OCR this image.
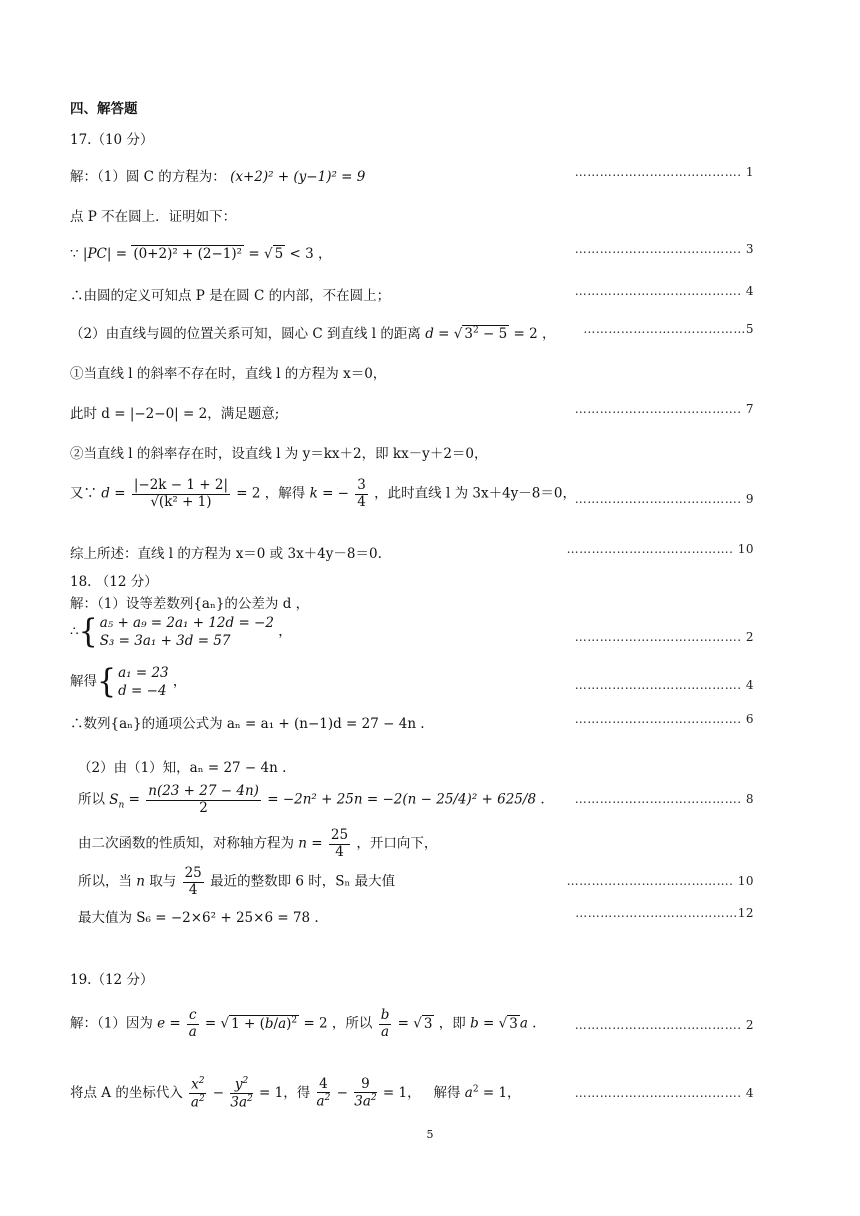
四、解答题
17.（10 分）
解：（1）圆 C 的方程为： (x+2)² + (y−1)² = 9	…………………………………. 1
点 P 不在圆上．证明如下：
∵ |PC| = (0+2)² + (2−1)² = √ 5 < 3 ，	…………………………………. 3
∴由圆的定义可知点 P 是在圆 C 的内部，不在圆上；	…………………………………. 4
（2）由直线与圆的位置关系可知，圆心 C 到直线 l 的距离 d = √ $3^2 - 5 = 2$ ，	…………………………………5
①当直线 l 的斜率不存在时，直线 l 的方程为 x＝0，
此时 d = |−2−0| = 2，满足题意;	…………………………………. 7
②当直线 l 的斜率存在时，设直线 l 为 y＝kx＋2，即 kx－y＋2＝0，
又∵ $d = \frac{|-2k - 1 + 2|}{\text{√(k² + 1)}} = 2$ ，解得 k = − $\frac{3}{4}$ ，此时直线 l 为 3x＋4y－8＝0，
…………………………………. 9
综上所述：直线 l 的方程为 x＝0 或 3x＋4y－8＝0.	…………………………………. 10
18. （12 分）
解：（1）设等差数列{aₙ}的公差为 d ，
∴{ a₅ + a₉ = 2a₁ + 12d = −2
S₃ = 3a₁ + 3d = 57 ，	…………………………………. 2
解得{ a₁ = 23
d = −4 ，	…………………………………. 4
∴数列{aₙ}的通项公式为 aₙ = a₁ + (n−1)d = 27 − 4n .	…………………………………. 6
（2）由（1）知，aₙ = 27 − 4n .
所以 $S_n = \frac{n(23 + 27 - 4n)}{2} = -2n^2 + 25n = -2(n - 25/4)^2 + 625/8$ .	…………………………………. 8
由二次函数的性质知，对称轴方程为 $n = \frac{25}{4}$ ，开口向下，
所以，当 n 取与 $\frac{25}{4}$ 最近的整数即 6 时，Sₙ 最大值	…………………………………. 10
最大值为 S₆ = −2×6² + 25×6 = 78 .	…………………………………12
19.（12 分）
解：（1）因为 $e = \frac{c}{a}$ = √ $1 + (b/a)^2 = 2$ ，所以 $\frac{b}{a}$ = √ 3 ，即 b = √ 3 a .	…………………………………. 2
将点 A 的坐标代入 $\frac{x^2}{a^2} - \frac{y^2}{3a^2} = 1$，得 $\frac{4}{a^2} - \frac{9}{3a^2} = 1$，   解得 $a^2 = 1$，	…………………………………. 4
5
